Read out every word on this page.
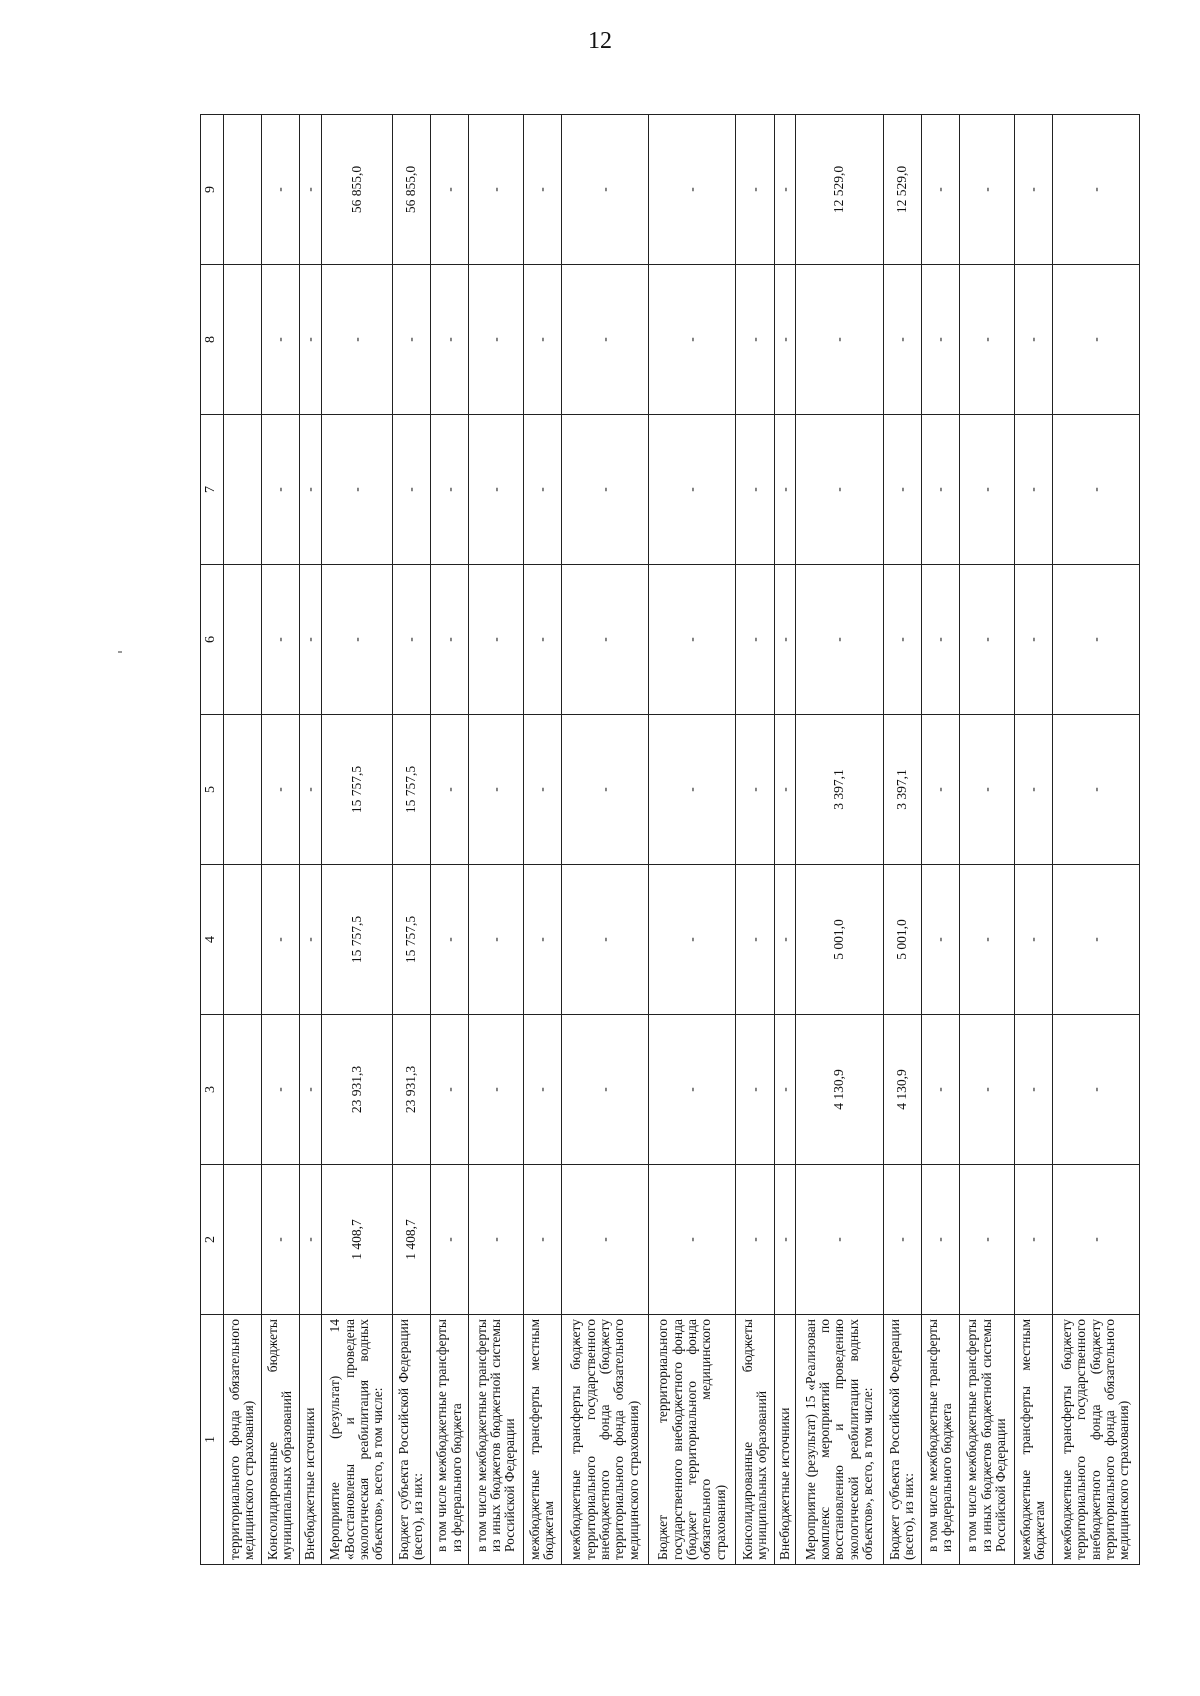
12
1	2	3	4	5	6	7	8	9
территориального фонда обязательного медицинского страхования)								
Консолидированные бюджеты муниципальных образований	-	-	-	-	-	-	-	-
Внебюджетные источники	-	-	-	-	-	-	-	-
Мероприятие (результат) 14 «Восстановлены и проведена экологическая реабилитация водных объектов», всего, в том числе:	1 408,7	23 931,3	15 757,5	15 757,5	-	-	-	56 855,0
Бюджет субъекта Российской Федерации (всего), из них:	1 408,7	23 931,3	15 757,5	15 757,5	-	-	-	56 855,0
в том числе межбюджетные трансферты из федерального бюджета	-	-	-	-	-	-	-	-
в том числе межбюджетные трансферты из иных бюджетов бюджетной системы Российской Федерации	-	-	-	-	-	-	-	-
межбюджетные трансферты местным бюджетам	-	-	-	-	-	-	-	-
межбюджетные трансферты бюджету территориального государственного внебюджетного фонда (бюджету территориального фонда обязательного медицинского страхования)	-	-	-	-	-	-	-	-
Бюджет территориального государственного внебюджетного фонда (бюджет территориального фонда обязательного медицинского страхования)	-	-	-	-	-	-	-	-
Консолидированные бюджеты муниципальных образований	-	-	-	-	-	-	-	-
Внебюджетные источники	-	-	-	-	-	-	-	-
Мероприятие (результат) 15 «Реализован комплекс мероприятий по восстановлению и проведению экологической реабилитации водных объектов», всего, в том числе:	-	4 130,9	5 001,0	3 397,1	-	-	-	12 529,0
Бюджет субъекта Российской Федерации (всего), из них:	-	4 130,9	5 001,0	3 397,1	-	-	-	12 529,0
в том числе межбюджетные трансферты из федерального бюджета	-	-	-	-	-	-	-	-
в том числе межбюджетные трансферты из иных бюджетов бюджетной системы Российской Федерации	-	-	-	-	-	-	-	-
межбюджетные трансферты местным бюджетам	-	-	-	-	-	-	-	-
межбюджетные трансферты бюджету территориального государственного внебюджетного фонда (бюджету территориального фонда обязательного медицинского страхования)	-	-	-	-	-	-	-	-
